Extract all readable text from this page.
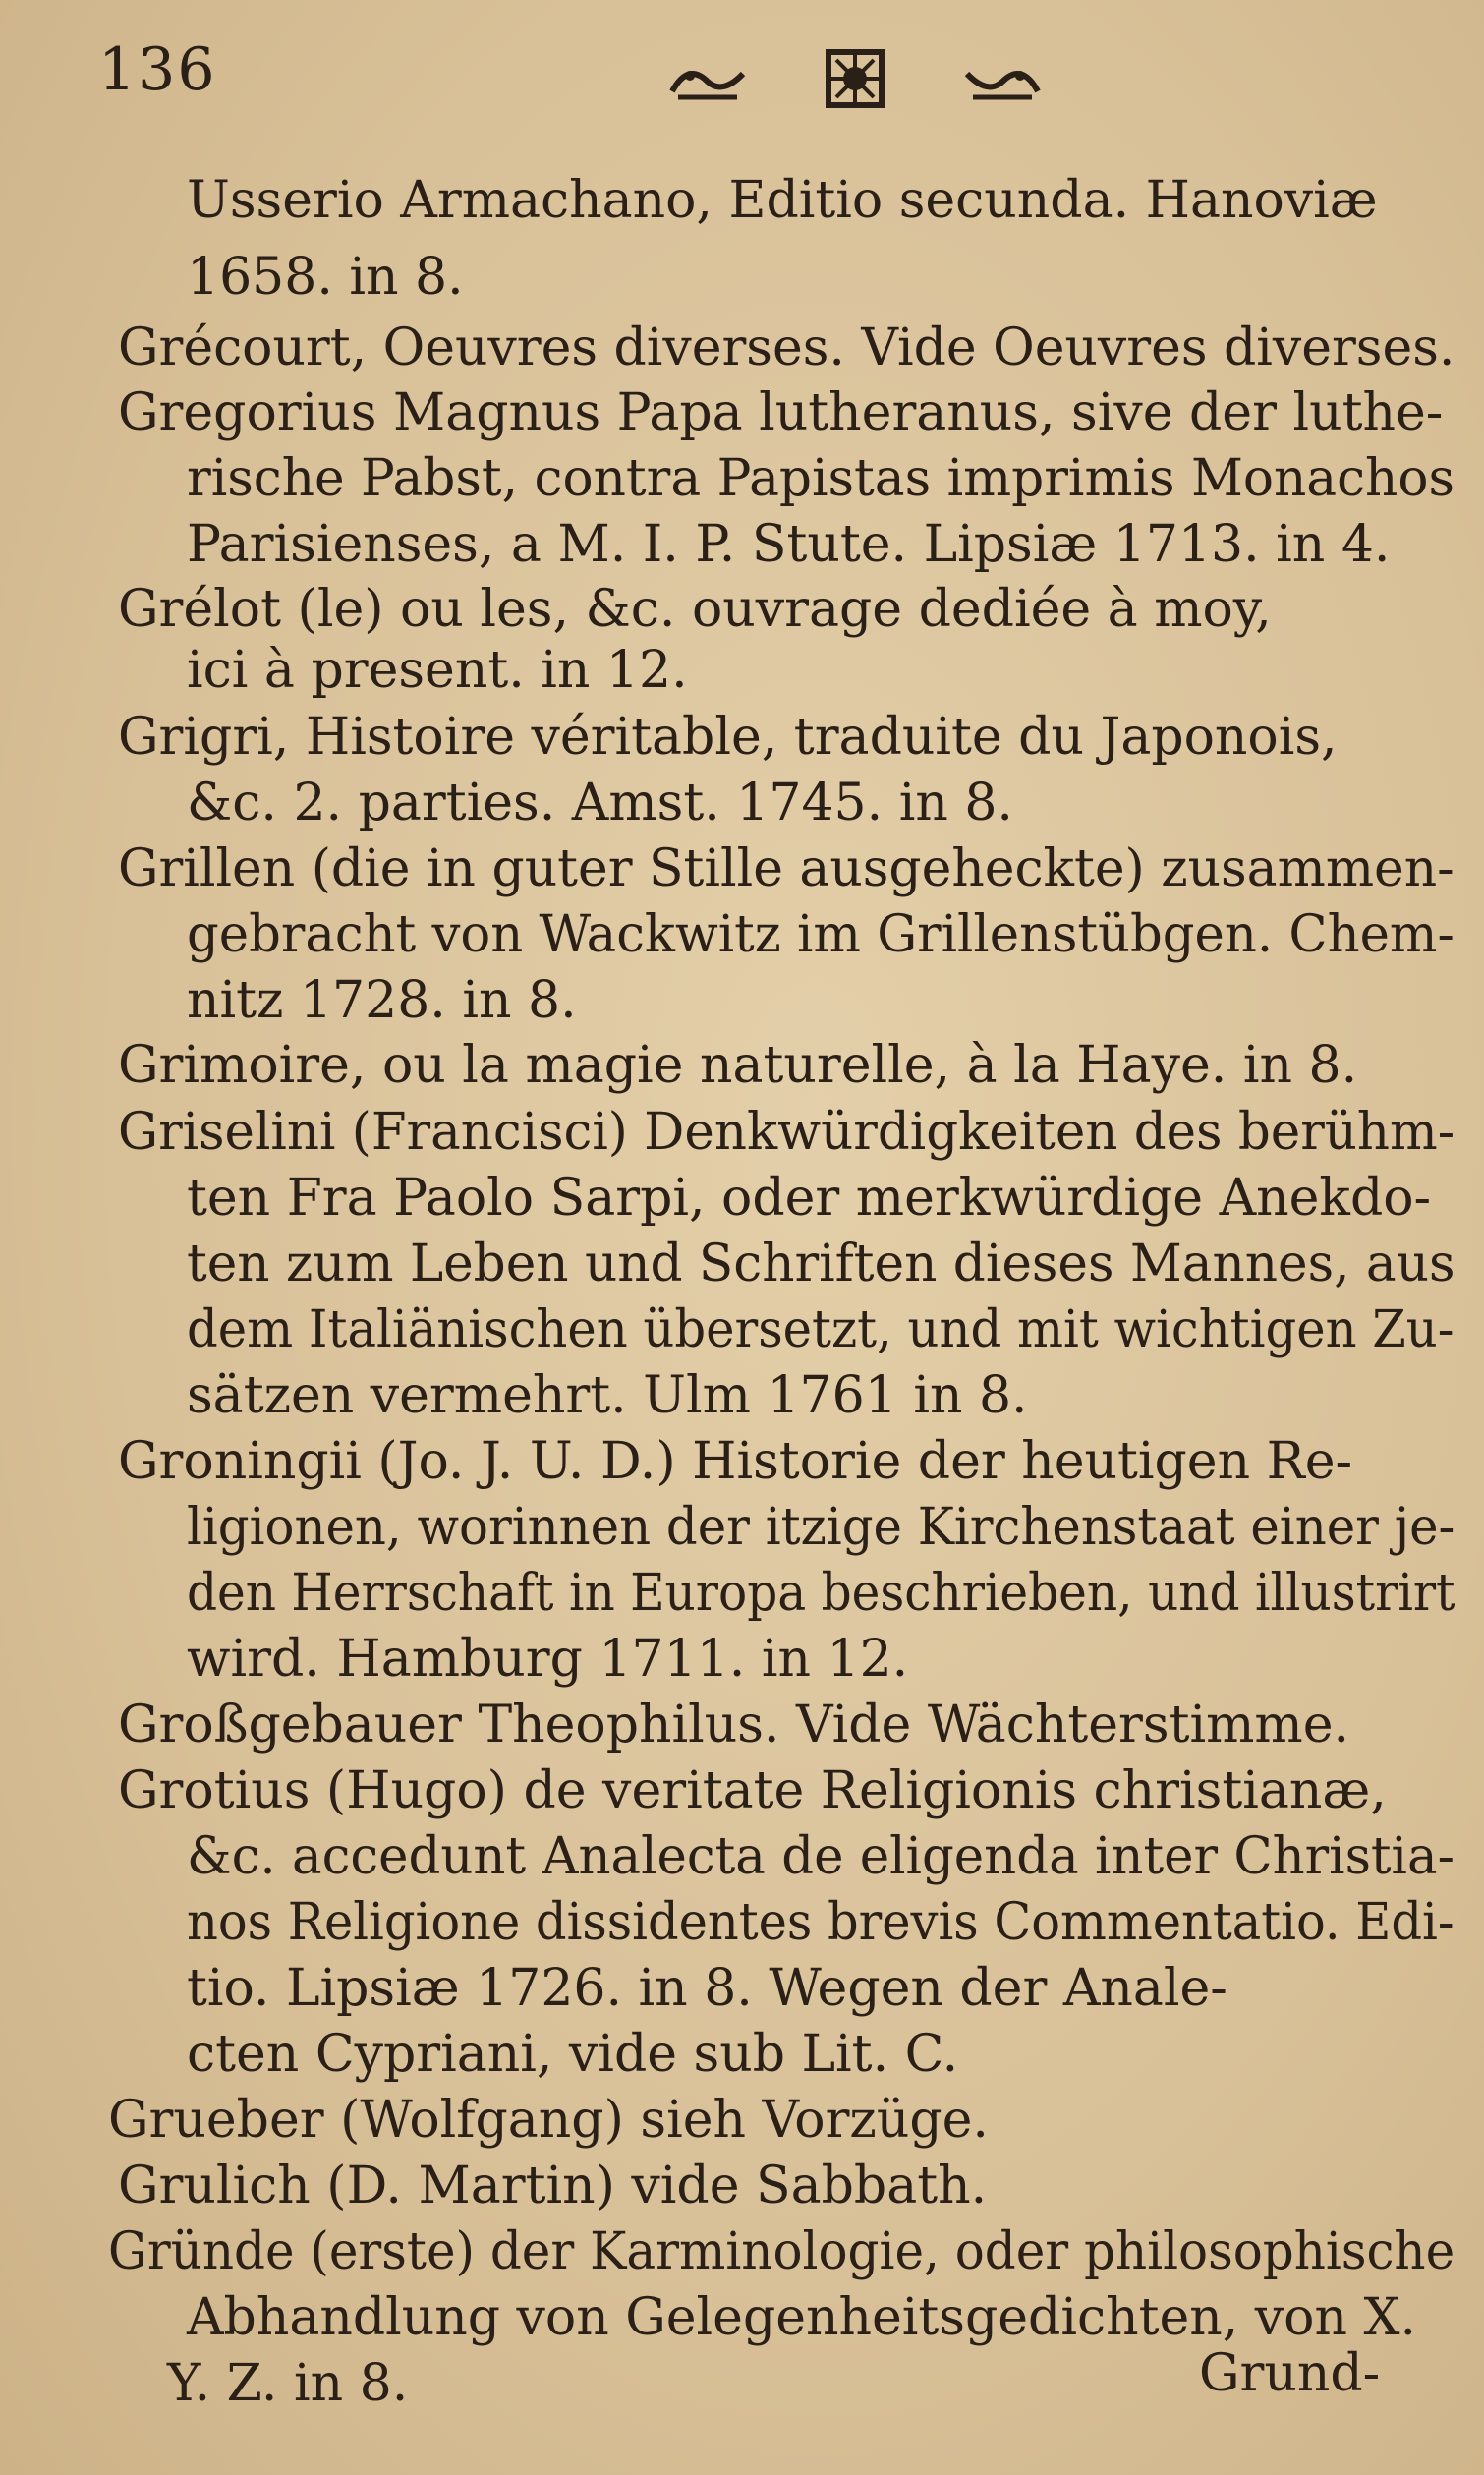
136
Usserio Armachano, Editio secunda. Hanoviæ
1658. in 8.
Grécourt, Oeuvres diverses. Vide Oeuvres diverses.
Gregorius Magnus Papa lutheranus, sive der luthe-
rische Pabst, contra Papistas imprimis Monachos
Parisienses, a M. I. P. Stute. Lipsiæ 1713. in 4.
Grélot (le) ou les, &c. ouvrage dediée à moy,
ici à present. in 12.
Grigri, Histoire véritable, traduite du Japonois,
&c. 2. parties. Amst. 1745. in 8.
Grillen (die in guter Stille ausgeheckte) zusammen-
gebracht von Wackwitz im Grillenstübgen. Chem-
nitz 1728. in 8.
Grimoire, ou la magie naturelle, à la Haye. in 8.
Griselini (Francisci) Denkwürdigkeiten des berühm-
ten Fra Paolo Sarpi, oder merkwürdige Anekdo-
ten zum Leben und Schriften dieses Mannes, aus
dem Italiänischen übersetzt, und mit wichtigen Zu-
sätzen vermehrt. Ulm 1761 in 8.
Groningii (Jo. J. U. D.) Historie der heutigen Re-
ligionen, worinnen der itzige Kirchenstaat einer je-
den Herrschaft in Europa beschrieben, und illustrirt
wird. Hamburg 1711. in 12.
Großgebauer Theophilus. Vide Wächterstimme.
Grotius (Hugo) de veritate Religionis christianæ,
&c. accedunt Analecta de eligenda inter Christia-
nos Religione dissidentes brevis Commentatio. Edi-
tio. Lipsiæ 1726. in 8. Wegen der Anale-
cten Cypriani, vide sub Lit. C.
Grueber (Wolfgang) sieh Vorzüge.
Grulich (D. Martin) vide Sabbath.
Gründe (erste) der Karminologie, oder philosophische
Abhandlung von Gelegenheitsgedichten, von X.
Y. Z. in 8.	Grund-
